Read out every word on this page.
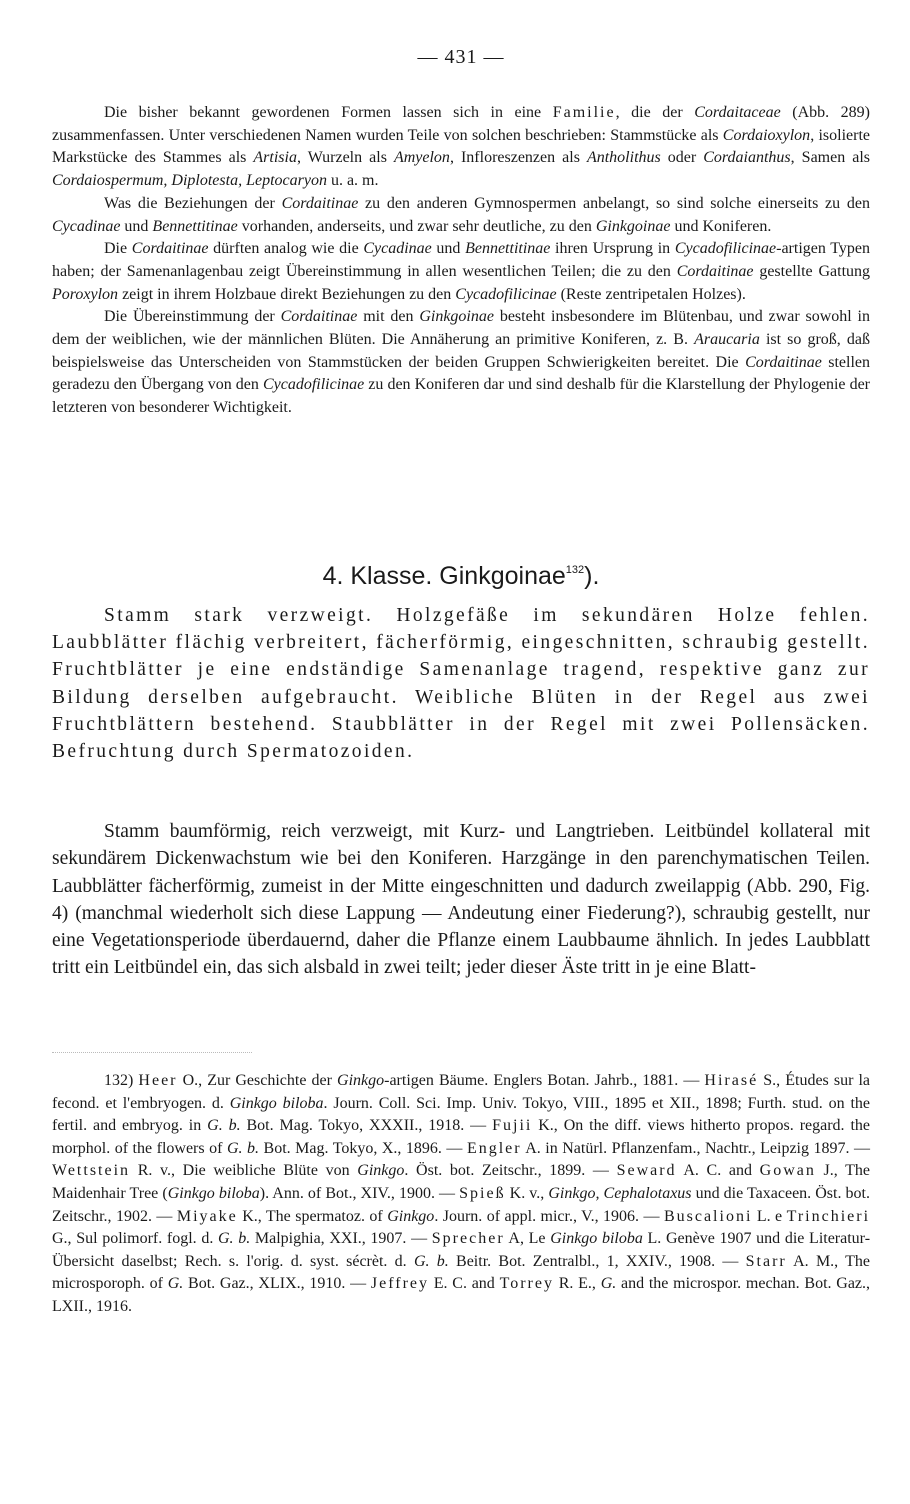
— 431 —

Die bisher bekannt gewordenen Formen lassen sich in eine Familie, die der Cordaitaceae (Abb. 289) zusammenfassen. Unter verschiedenen Namen wurden Teile von solchen beschrieben: Stammstücke als Cordaioxylon, isolierte Markstücke des Stammes als Artisia, Wurzeln als Amyelon, Infloreszenzen als Antholithus oder Cordaianthus, Samen als Cordaiospermum, Diplotesta, Leptocaryon u. a. m.

Was die Beziehungen der Cordaitinae zu den anderen Gymnospermen anbelangt, so sind solche einerseits zu den Cycadinae und Bennettitinae vorhanden, anderseits, und zwar sehr deutliche, zu den Ginkgoinae und Koniferen.

Die Cordaitinae dürften analog wie die Cycadinae und Bennettitinae ihren Ursprung in Cycadofilicinae-artigen Typen haben; der Samenanlagenbau zeigt Übereinstimmung in allen wesentlichen Teilen; die zu den Cordaitinae gestellte Gattung Poroxylon zeigt in ihrem Holzbaue direkt Beziehungen zu den Cycadofilicinae (Reste zentripetalen Holzes).

Die Übereinstimmung der Cordaitinae mit den Ginkgoinae besteht insbesondere im Blütenbau, und zwar sowohl in dem der weiblichen, wie der männlichen Blüten. Die Annäherung an primitive Koniferen, z. B. Araucaria ist so groß, daß beispielsweise das Unterscheiden von Stammstücken der beiden Gruppen Schwierigkeiten bereitet. Die Cordaitinae stellen geradezu den Übergang von den Cycadofilicinae zu den Koniferen dar und sind deshalb für die Klarstellung der Phylogenie der letzteren von besonderer Wichtigkeit.

4. Klasse. Ginkgoinae$^{132}$).

Stamm stark verzweigt. Holzgefäße im sekundären Holze fehlen. Laubblätter flächig verbreitert, fächerförmig, eingeschnitten, schraubig gestellt. Fruchtblätter je eine endständige Samenanlage tragend, respektive ganz zur Bildung derselben aufgebraucht. Weibliche Blüten in der Regel aus zwei Fruchtblättern bestehend. Staubblätter in der Regel mit zwei Pollensäcken. Befruchtung durch Spermatozoiden.

Stamm baumförmig, reich verzweigt, mit Kurz- und Langtrieben. Leitbündel kollateral mit sekundärem Dickenwachstum wie bei den Koniferen. Harzgänge in den parenchymatischen Teilen. Laubblätter fächerförmig, zumeist in der Mitte eingeschnitten und dadurch zweilappig (Abb. 290, Fig. 4) (manchmal wiederholt sich diese Lappung — Andeutung einer Fiederung?), schraubig gestellt, nur eine Vegetationsperiode überdauernd, daher die Pflanze einem Laubbaume ähnlich. In jedes Laubblatt tritt ein Leitbündel ein, das sich alsbald in zwei teilt; jeder dieser Äste tritt in je eine Blatt-

132) Heer O., Zur Geschichte der Ginkgo-artigen Bäume. Englers Botan. Jahrb., 1881. — Hirasé S., Études sur la fecond. et l'embryogen. d. Ginkgo biloba. Journ. Coll. Sci. Imp. Univ. Tokyo, VIII., 1895 et XII., 1898; Furth. stud. on the fertil. and embryog. in G. b. Bot. Mag. Tokyo, XXXII., 1918. — Fujii K., On the diff. views hitherto propos. regard. the morphol. of the flowers of G. b. Bot. Mag. Tokyo, X., 1896. — Engler A. in Natürl. Pflanzenfam., Nachtr., Leipzig 1897. — Wettstein R. v., Die weibliche Blüte von Ginkgo. Öst. bot. Zeitschr., 1899. — Seward A. C. and Gowan J., The Maidenhair Tree (Ginkgo biloba). Ann. of Bot., XIV., 1900. — Spieß K. v., Ginkgo, Cephalotaxus und die Taxaceen. Öst. bot. Zeitschr., 1902. — Miyake K., The spermatoz. of Ginkgo. Journ. of appl. micr., V., 1906. — Buscalioni L. e Trinchieri G., Sul polimorf. fogl. d. G. b. Malpighia, XXI., 1907. — Sprecher A, Le Ginkgo biloba L. Genève 1907 und die Literatur-Übersicht daselbst; Rech. s. l'orig. d. syst. sécrèt. d. G. b. Beitr. Bot. Zentralbl., 1, XXIV., 1908. — Starr A. M., The microsporoph. of G. Bot. Gaz., XLIX., 1910. — Jeffrey E. C. and Torrey R. E., G. and the microspor. mechan. Bot. Gaz., LXII., 1916.
